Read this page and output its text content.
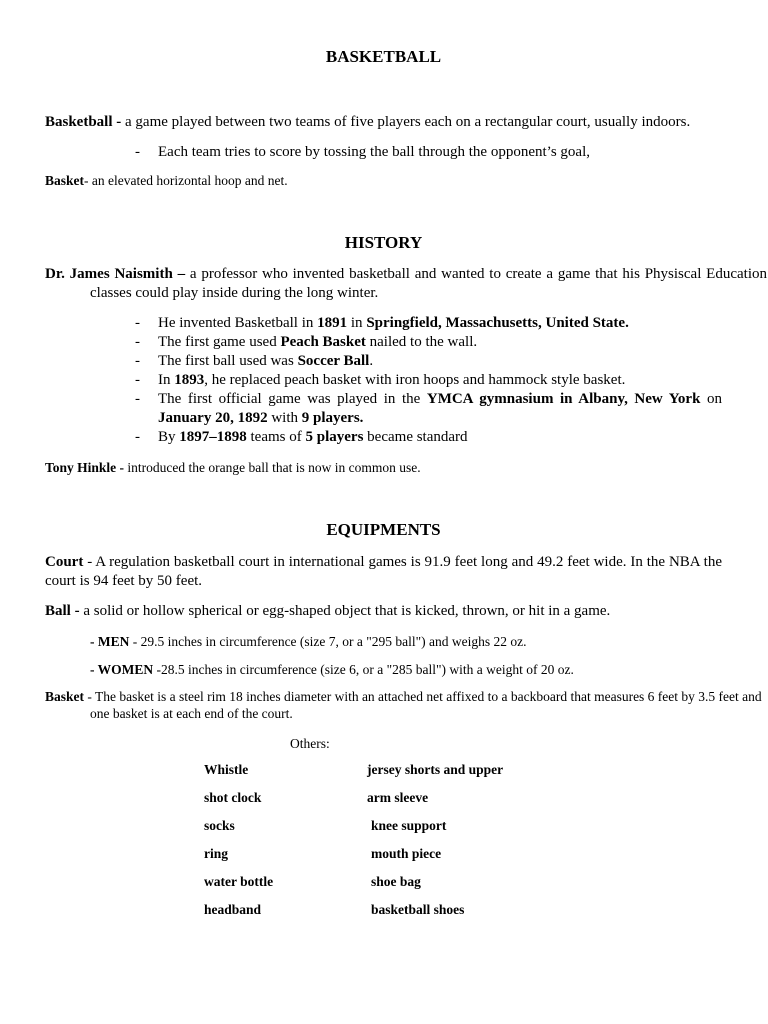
BASKETBALL

Basketball - a game played between two teams of five players each on a rectangular court, usually indoors.

- Each team tries to score by tossing the ball through the opponent’s goal,

Basket- an elevated horizontal hoop and net.

HISTORY

Dr. James Naismith – a professor who invented basketball and wanted to create a game that his Physiscal Education classes could play inside during the long winter.

- He invented Basketball in 1891 in Springfield, Massachusetts, United State.
- The first game used Peach Basket nailed to the wall.
- The first ball used was Soccer Ball.
- In 1893, he replaced peach basket with iron hoops and hammock style basket.
- The first official game was played in the YMCA gymnasium in Albany, New York on January 20, 1892 with 9 players.
- By 1897–1898 teams of 5 players became standard

Tony Hinkle - introduced the orange ball that is now in common use.

EQUIPMENTS

Court - A regulation basketball court in international games is 91.9 feet long and 49.2 feet wide. In the NBA the court is 94 feet by 50 feet.

Ball - a solid or hollow spherical or egg-shaped object that is kicked, thrown, or hit in a game.

- MEN - 29.5 inches in circumference (size 7, or a "295 ball") and weighs 22 oz.

- WOMEN -28.5 inches in circumference (size 6, or a "285 ball") with a weight of 20 oz.

Basket - The basket is a steel rim 18 inches diameter with an attached net affixed to a backboard that measures 6 feet by 3.5 feet and one basket is at each end of the court.

Others:

Whistle
shot clock
socks
ring
water bottle
headband
jersey shorts and upper
arm sleeve
knee support
mouth piece
shoe bag
basketball shoes
